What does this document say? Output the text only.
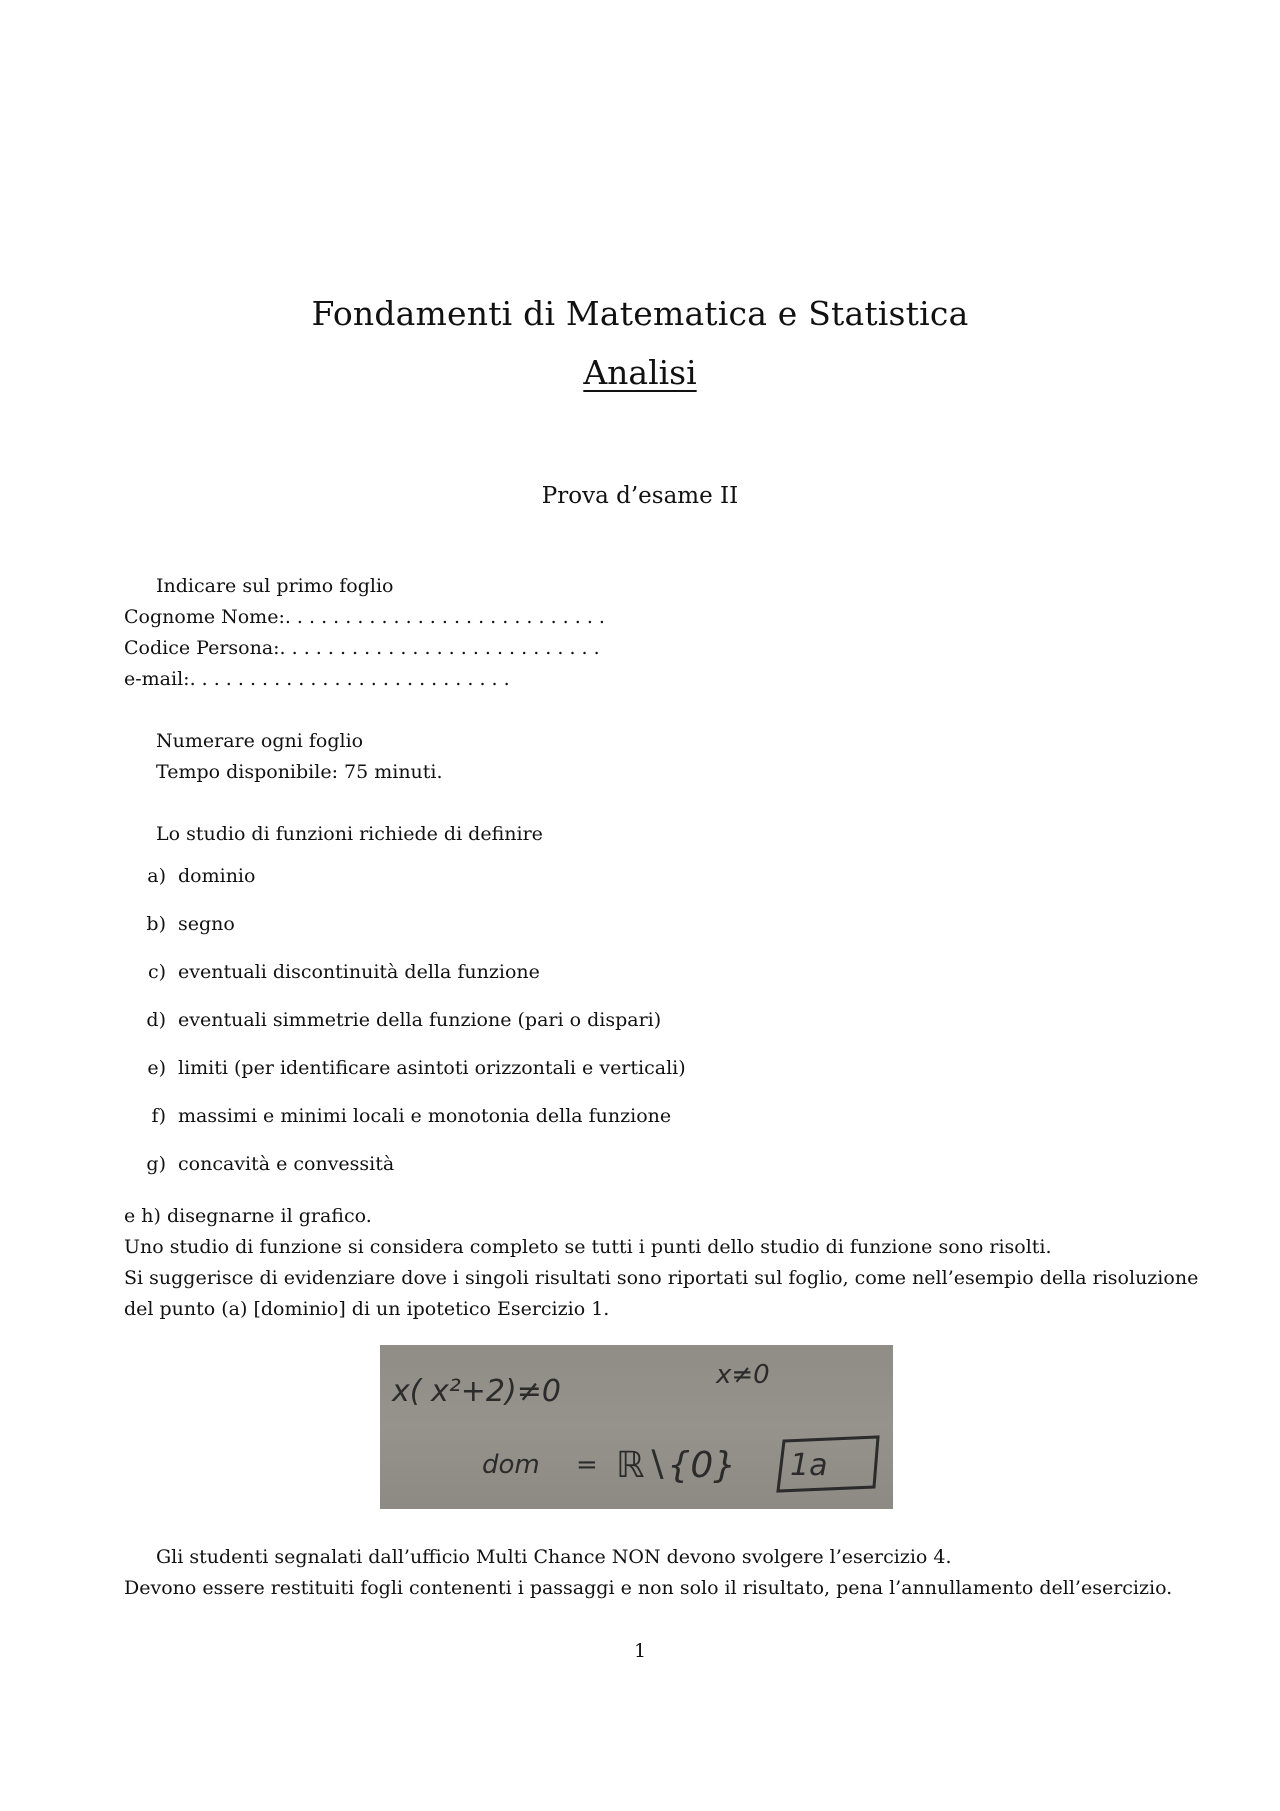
Fondamenti di Matematica e Statistica
Analisi
Prova d’esame II
Indicare sul primo foglio
Cognome Nome:. . . . . . . . . . . . . . . . . . . . . . . . . . .
Codice Persona:. . . . . . . . . . . . . . . . . . . . . . . . . . .
e-mail:. . . . . . . . . . . . . . . . . . . . . . . . . . .
Numerare ogni foglio
Tempo disponibile: 75 minuti.
Lo studio di funzioni richiede di definire
a) dominio
b) segno
c) eventuali discontinuità della funzione
d) eventuali simmetrie della funzione (pari o dispari)
e) limiti (per identificare asintoti orizzontali e verticali)
f) massimi e minimi locali e monotonia della funzione
g) concavità e convessità
e h) disegnarne il grafico.
Uno studio di funzione si considera completo se tutti i punti dello studio di funzione sono risolti.
Si suggerisce di evidenziare dove i singoli risultati sono riportati sul foglio, come nell’esempio della risoluzione
del punto (a) [dominio] di un ipotetico Esercizio 1.
x( x²+2)≠0	x≠0
dom = ℝ∖{0} 1a
Gli studenti segnalati dall’ufficio Multi Chance NON devono svolgere l’esercizio 4.
Devono essere restituiti fogli contenenti i passaggi e non solo il risultato, pena l’annullamento dell’esercizio.
1
